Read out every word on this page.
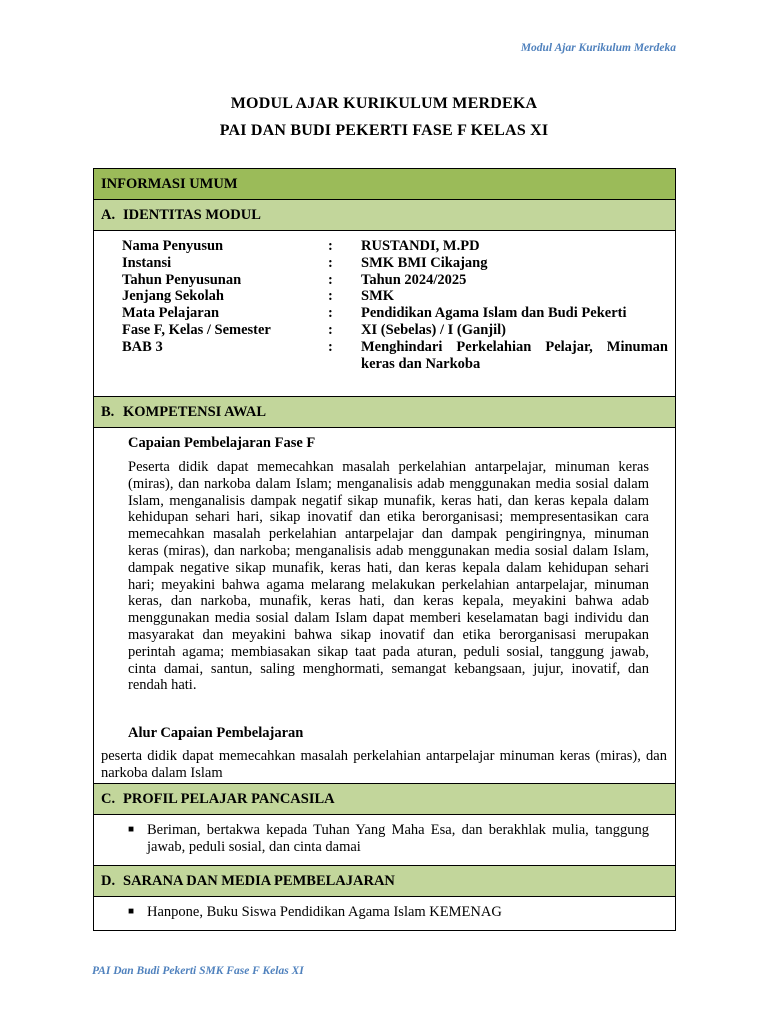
Modul Ajar Kurikulum Merdeka
MODUL AJAR KURIKULUM MERDEKA
PAI DAN BUDI PEKERTI FASE F KELAS XI
INFORMASI UMUM
A. IDENTITAS MODUL
Nama Penyusun	:	RUSTANDI, M.PD
Instansi	:	SMK BMI Cikajang
Tahun Penyusunan	:	Tahun 2024/2025
Jenjang Sekolah	:	SMK
Mata Pelajaran	:	Pendidikan Agama Islam dan Budi Pekerti
Fase F, Kelas / Semester	:	XI (Sebelas) / I (Ganjil)
BAB 3	:	Menghindari Perkelahian Pelajar, Minuman keras dan Narkoba
B. KOMPETENSI AWAL
Capaian Pembelajaran Fase F
Peserta didik dapat memecahkan masalah perkelahian antarpelajar, minuman keras (miras), dan narkoba dalam Islam; menganalisis adab menggunakan media sosial dalam Islam, menganalisis dampak negatif sikap munafik, keras hati, dan keras kepala dalam kehidupan sehari hari, sikap inovatif dan etika berorganisasi; mempresentasikan cara memecahkan masalah perkelahian antarpelajar dan dampak pengiringnya, minuman keras (miras), dan narkoba; menganalisis adab menggunakan media sosial dalam Islam, dampak negative sikap munafik, keras hati, dan keras kepala dalam kehidupan sehari hari; meyakini bahwa agama melarang melakukan perkelahian antarpelajar, minuman keras, dan narkoba, munafik, keras hati, dan keras kepala, meyakini bahwa adab menggunakan media sosial dalam Islam dapat memberi keselamatan bagi individu dan masyarakat dan meyakini bahwa sikap inovatif dan etika berorganisasi merupakan perintah agama; membiasakan sikap taat pada aturan, peduli sosial, tanggung jawab, cinta damai, santun, saling menghormati, semangat kebangsaan, jujur, inovatif, dan rendah hati.
Alur Capaian Pembelajaran
peserta didik dapat memecahkan masalah perkelahian antarpelajar minuman keras (miras), dan narkoba dalam Islam
C. PROFIL PELAJAR PANCASILA
■ Beriman, bertakwa kepada Tuhan Yang Maha Esa, dan berakhlak mulia, tanggung jawab, peduli sosial, dan cinta damai
D. SARANA DAN MEDIA PEMBELAJARAN
■ Hanpone, Buku Siswa Pendidikan Agama Islam KEMENAG
PAI Dan Budi Pekerti SMK Fase F Kelas XI
